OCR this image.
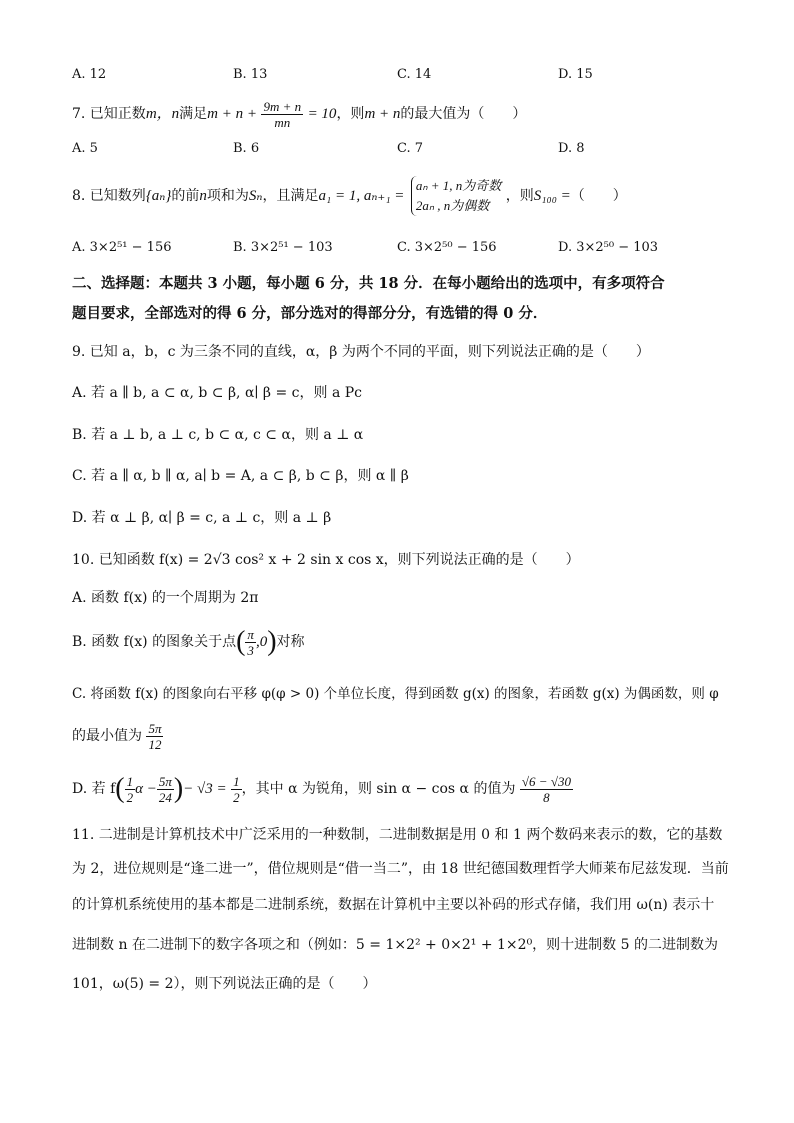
A. 12	B. 13	C. 14	D. 15
7. 已知正数m，n满足$m + n + \frac{9m + n}{mn} = 10$，则m + n的最大值为（　　）
A. 5	B. 6	C. 7	D. 8
8. 已知数列{aₙ}的前n项和为Sₙ，且满足a₁ = 1, aₙ₊₁ =
aₙ + 1, n为奇数
2aₙ , n为偶数
，则S₁₀₀ =（　　）
A. 3×2⁵¹ − 156	B. 3×2⁵¹ − 103	C. 3×2⁵⁰ − 156	D. 3×2⁵⁰ − 103
二、选择题：本题共 3 小题，每小题 6 分，共 18 分．在每小题给出的选项中，有多项符合
题目要求，全部选对的得 6 分，部分选对的得部分分，有选错的得 0 分．
9. 已知 a，b，c 为三条不同的直线，α，β 为两个不同的平面，则下列说法正确的是（　　）
A. 若 a ∥ b, a ⊂ α, b ⊂ β, α∣ β = c，则 a Pc
B. 若 a ⊥ b, a ⊥ c, b ⊂ α, c ⊂ α，则 a ⊥ α
C. 若 a ∥ α, b ∥ α, a∣ b = A, a ⊂ β, b ⊂ β，则 α ∥ β
D. 若 α ⊥ β, α∣ β = c, a ⊥ c，则 a ⊥ β
10. 已知函数 f(x) = 2√3 cos² x + 2 sin x cos x，则下列说法正确的是（　　）
A. 函数 f(x) 的一个周期为 2π
B. 函数 f(x) 的图象关于点( $\frac{\pi}{3} ,0$)对称
C. 将函数 f(x) 的图象向右平移 φ(φ > 0) 个单位长度，得到函数 g(x) 的图象，若函数 g(x) 为偶函数，则 φ
的最小值为 $\frac{5\pi}{12}$
D. 若 $f( \frac{1}{2}$ $\alpha - \frac{5\pi}{24}$ )− $√3 = \frac{1}{2}$ ，其中 α 为锐角，则 sin α − cos α 的值为 $\frac{√6 - √30}{8}$
11. 二进制是计算机技术中广泛采用的一种数制，二进制数据是用 0 和 1 两个数码来表示的数，它的基数
为 2，进位规则是“逢二进一”，借位规则是“借一当二”，由 18 世纪德国数理哲学大师莱布尼兹发现．当前
的计算机系统使用的基本都是二进制系统，数据在计算机中主要以补码的形式存储，我们用 ω(n) 表示十
进制数 n 在二进制下的数字各项之和（例如：5 = 1×2² + 0×2¹ + 1×2⁰，则十进制数 5 的二进制数为
101，ω(5) = 2），则下列说法正确的是（　　）
